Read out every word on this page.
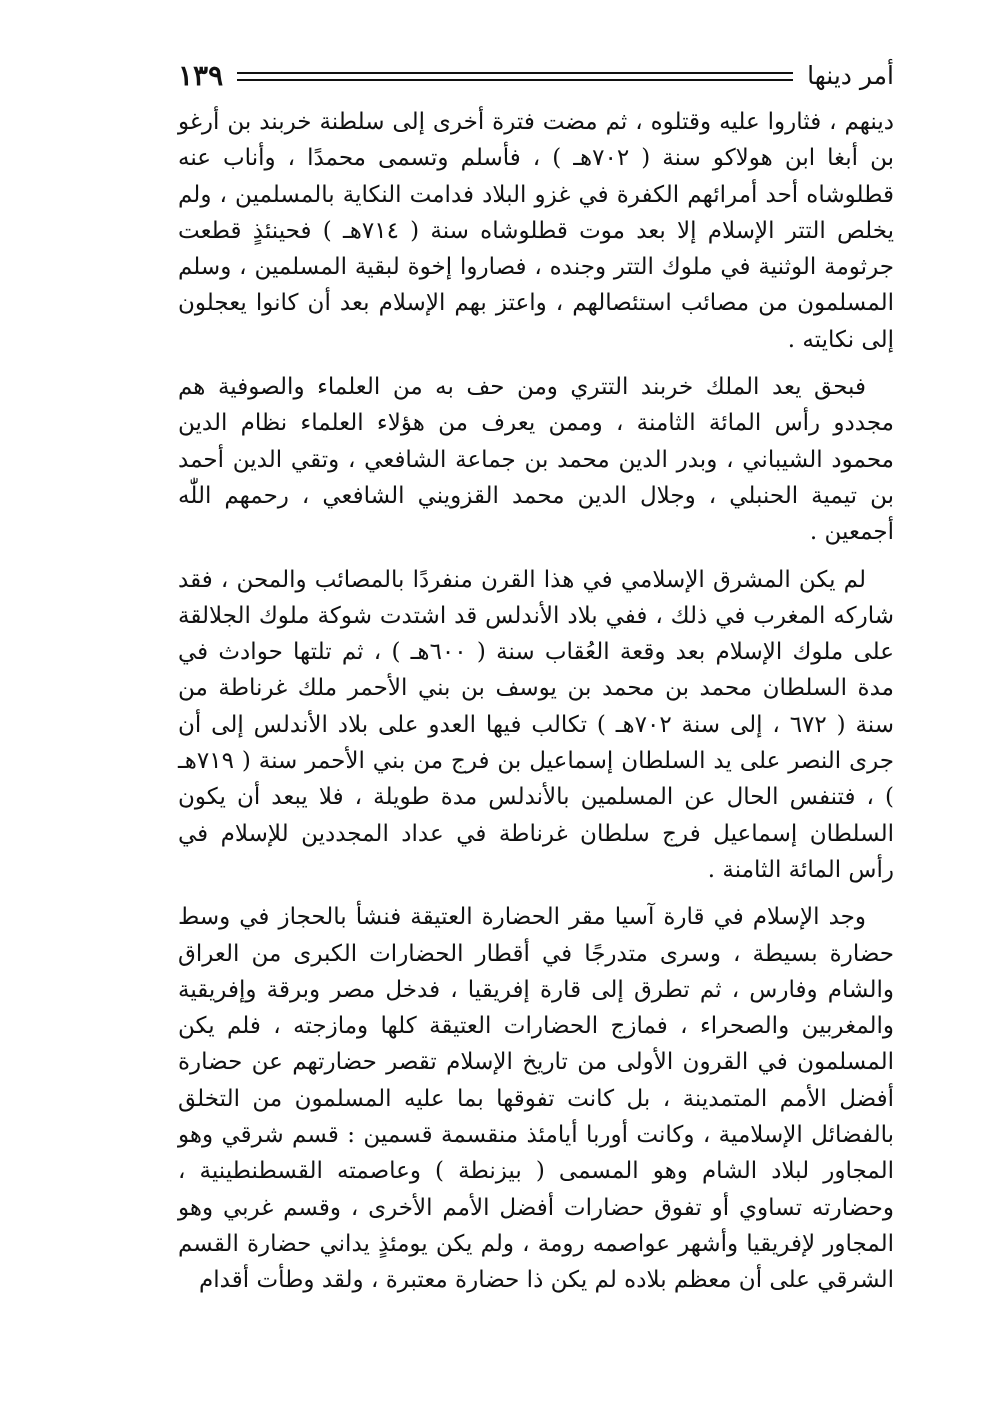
أمر دينها
١٣٩

دينهم ، فثاروا عليه وقتلوه ، ثم مضت فترة أخرى إلى سلطنة خربند بن أرغو بن أبغا ابن هولاكو سنة ( ٧٠٢هـ ) ، فأسلم وتسمى محمدًا ، وأناب عنه قطلوشاه أحد أمرائهم الكفرة في غزو البلاد فدامت النكاية بالمسلمين ، ولم يخلص التتر الإسلام إلا بعد موت قطلوشاه سنة ( ٧١٤هـ ) فحينئذٍ قطعت جرثومة الوثنية في ملوك التتر وجنده ، فصاروا إخوة لبقية المسلمين ، وسلم المسلمون من مصائب استئصالهم ، واعتز بهم الإسلام بعد أن كانوا يعجلون إلى نكايته .

فبحق يعد الملك خربند التتري ومن حف به من العلماء والصوفية هم مجددو رأس المائة الثامنة ، وممن يعرف من هؤلاء العلماء نظام الدين محمود الشيباني ، وبدر الدين محمد بن جماعة الشافعي ، وتقي الدين أحمد بن تيمية الحنبلي ، وجلال الدين محمد القزويني الشافعي ، رحمهم اللّٰه أجمعين .

لم يكن المشرق الإسلامي في هذا القرن منفردًا بالمصائب والمحن ، فقد شاركه المغرب في ذلك ، ففي بلاد الأندلس قد اشتدت شوكة ملوك الجلالقة على ملوك الإسلام بعد وقعة العُقاب سنة ( ٦٠٠هـ ) ، ثم تلتها حوادث في مدة السلطان محمد بن محمد بن يوسف بن بني الأحمر ملك غرناطة من سنة ( ٦٧٢ ، إلى سنة ٧٠٢هـ ) تكالب فيها العدو على بلاد الأندلس إلى أن جرى النصر على يد السلطان إسماعيل بن فرج من بني الأحمر سنة ( ٧١٩هـ ) ، فتنفس الحال عن المسلمين بالأندلس مدة طويلة ، فلا يبعد أن يكون السلطان إسماعيل فرج سلطان غرناطة في عداد المجددين للإسلام في رأس المائة الثامنة .

وجد الإسلام في قارة آسيا مقر الحضارة العتيقة فنشأ بالحجاز في وسط حضارة بسيطة ، وسرى متدرجًا في أقطار الحضارات الكبرى من العراق والشام وفارس ، ثم تطرق إلى قارة إفريقيا ، فدخل مصر وبرقة وإفريقية والمغربين والصحراء ، فمازج الحضارات العتيقة كلها ومازجته ، فلم يكن المسلمون في القرون الأولى من تاريخ الإسلام تقصر حضارتهم عن حضارة أفضل الأمم المتمدينة ، بل كانت تفوقها بما عليه المسلمون من التخلق بالفضائل الإسلامية ، وكانت أوربا أيامئذ منقسمة قسمين : قسم شرقي وهو المجاور لبلاد الشام وهو المسمى ( بيزنطة ) وعاصمته القسطنطينية ، وحضارته تساوي أو تفوق حضارات أفضل الأمم الأخرى ، وقسم غربي وهو المجاور لإفريقيا وأشهر عواصمه رومة ، ولم يكن يومئذٍ يداني حضارة القسم الشرقي على أن معظم بلاده لم يكن ذا حضارة معتبرة ، ولقد وطأت أقدام
